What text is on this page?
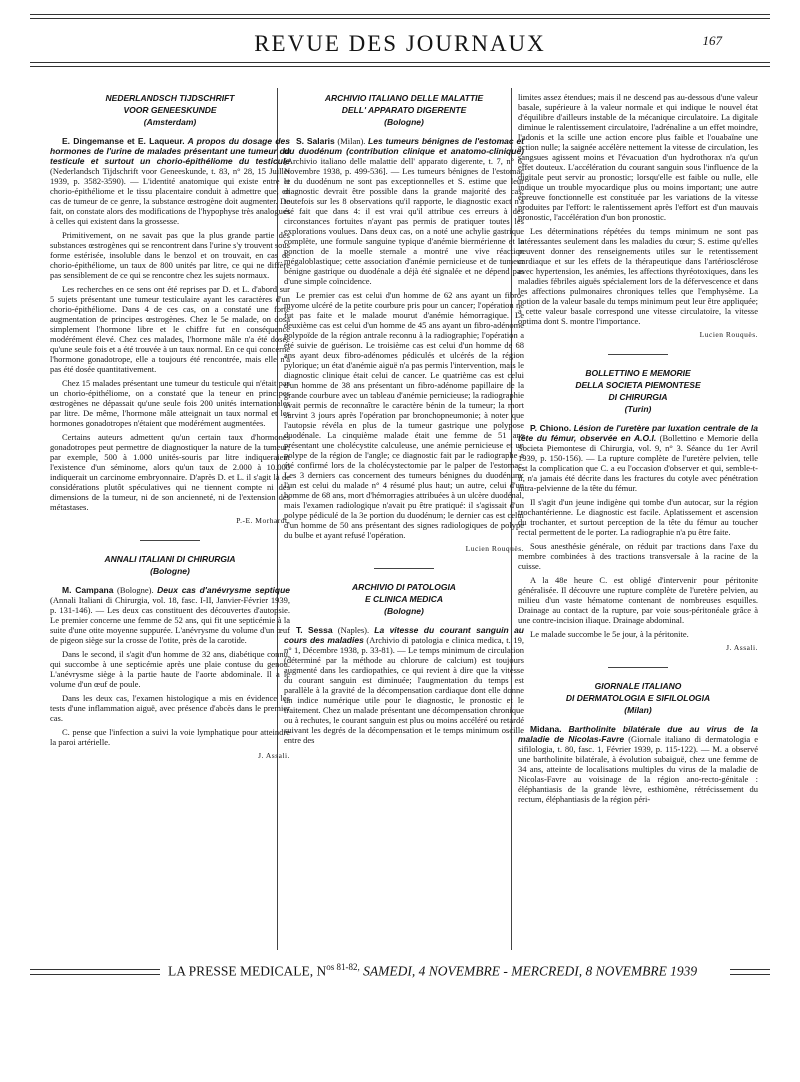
REVUE DES JOURNAUX	167
NEDERLANDSCH TIJDSCHRIFT
VOOR GENEESKUNDE
(Amsterdam)

E. Dingemanse et E. Laqueur. A propos du dosage des hormones de l'urine de malades présentant une tumeur du testicule et surtout un chorio-épithéliome du testicule (Nederlandsch Tijdschrift voor Geneeskunde, t. 83, n° 28, 15 Juillet 1939, p. 3582-3590). — L'identité anatomique qui existe entre le chorio-épithéliome et le tissu placentaire conduit à admettre que, en cas de tumeur de ce genre, la substance œstrogène doit augmenter. De fait, on constate alors des modifications de l'hypophyse très analogues à celles qui existent dans la grossesse.

Primitivement, on ne savait pas que la plus grande partie des substances œstrogènes qui se rencontrent dans l'urine s'y trouvent sous forme estérisée, insoluble dans le benzol et on trouvait, en cas de chorio-épithéliome, un taux de 800 unités par litre, ce qui ne diffère pas sensiblement de ce qui se rencontre chez les sujets normaux.

Les recherches en ce sens ont été reprises par D. et L. d'abord sur 5 sujets présentant une tumeur testiculaire ayant les caractères d'un chorio-épithéliome. Dans 4 de ces cas, on a constaté une forte augmentation de principes œstrogènes. Chez le 5e malade, on dosa simplement l'hormone libre et le chiffre fut en conséquence modérément élevé. Chez ces malades, l'hormone mâle n'a été dosée qu'une seule fois et a été trouvée à un taux normal. En ce qui concerne l'hormone gonadotrope, elle a toujours été rencontrée, mais elle n'a pas été dosée quantitativement.

Chez 15 malades présentant une tumeur du testicule qui n'était pas un chorio-épithéliome, on a constaté que la teneur en principes œstrogènes ne dépassait qu'une seule fois 200 unités internationales par litre. De même, l'hormone mâle atteignait un taux normal et les hormones gonadotropes n'étaient que modérément augmentées.

Certains auteurs admettent qu'un certain taux d'hormones gonadotropes peut permettre de diagnostiquer la nature de la tumeur; par exemple, 500 à 1.000 unités-souris par litre indiqueraient l'existence d'un séminome, alors qu'un taux de 2.000 à 10.000 indiquerait un carcinome embryonnaire. D'après D. et L. il s'agit là de considérations plutôt spéculatives qui ne tiennent compte ni des dimensions de la tumeur, ni de son ancienneté, ni de l'extension des métastases.

P.-E. Morhardt.
ANNALI ITALIANI DI CHIRURGIA
(Bologne)

M. Campana (Bologne). Deux cas d'anévrysme septique (Annali Italiani di Chirurgia, vol. 18, fasc. I-II, Janvier-Février 1939, p. 131-146). — Les deux cas constituent des découvertes d'autopsie. Le premier concerne une femme de 52 ans, qui fit une septicémie à la suite d'une otite moyenne suppurée. L'anévrysme du volume d'un œuf de pigeon siège sur la crosse de l'otite, près de la carotide.

Dans le second, il s'agit d'un homme de 32 ans, diabétique connu, qui succombe à une septicémie après une plaie contuse du genou. L'anévrysme siège à la partie haute de l'aorte abdominale. Il a le volume d'un œuf de poule.

Dans les deux cas, l'examen histologique a mis en évidence les tests d'une inflammation aiguë, avec présence d'abcès dans le premier cas.

C. pense que l'infection a suivi la voie lymphatique pour atteindre la paroi artérielle.

J. Assali.
ARCHIVIO ITALIANO DELLE MALATTIE
DELL' APPARATO DIGERENTE
(Bologne)

S. Salaris (Milan). Les tumeurs bénignes de l'estomac et du duodénum (contribution clinique et anatomo-clinique) [Archivio italiano delle malattie dell' apparato digerente, t. 7, n° 6, Novembre 1938, p. 499-536]. — Les tumeurs bénignes de l'estomac et du duodénum ne sont pas exceptionnelles et S. estime que leur diagnostic devrait être possible dans la grande majorité des cas; toutefois sur les 8 observations qu'il rapporte, le diagnostic exact n'a été fait que dans 4: il est vrai qu'il attribue ces erreurs à des circonstances fortuites n'ayant pas permis de pratiquer toutes les explorations voulues. Dans deux cas, on a noté une achylie gastrique complète, une formule sanguine typique d'anémie biermérienne et la ponction de la moelle sternale a montré une vive réaction mégaloblastique; cette association d'anémie pernicieuse et de tumeur bénigne gastrique ou duodénale a déjà été signalée et ne dépend pas d'une simple coïncidence.

Le premier cas est celui d'un homme de 62 ans ayant un fibro-myome ulcéré de la petite courbure pris pour un cancer; l'opération ne fut pas faite et le malade mourut d'anémie hémorragique. Le deuxième cas est celui d'un homme de 45 ans ayant un fibro-adénome polypoïde de la région antrale reconnu à la radiographie; l'opération a été suivie de guérison. Le troisième cas est celui d'un homme de 68 ans ayant deux fibro-adénomes pédiculés et ulcérés de la région pylorique; un état d'anémie aiguë n'a pas permis l'intervention, mais le diagnostic clinique était celui de cancer. Le quatrième cas est celui d'un homme de 38 ans présentant un fibro-adénome papillaire de la grande courbure avec un tableau d'anémie pernicieuse; la radiographie avait permis de reconnaître le caractère bénin de la tumeur; la mort survint 3 jours après l'opération par bronchopneumonie; à noter que l'autopsie révéla en plus de la tumeur gastrique une polypose duodénale. La cinquième malade était une femme de 51 ans présentant une cholécystite calculeuse, une anémie pernicieuse et un polype de la région de l'angle; ce diagnostic fait par le radiographe a été confirmé lors de la cholécystectomie par le palper de l'estomac. Les 3 derniers cas concernent des tumeurs bénignes du duodénum: l'un est celui du malade n° 4 résumé plus haut; un autre, celui d'un homme de 68 ans, mort d'hémorragies attribuées à un ulcère duodénal, mais l'examen radiologique n'avait pu être pratiqué: il s'agissait d'un polype pédiculé de la 3e portion du duodénum; le dernier cas est celui d'un homme de 50 ans présentant des signes radiologiques de polype du bulbe et ayant refusé l'opération.

Lucien Rouquès.
ARCHIVIO DI PATOLOGIA
E CLINICA MEDICA
(Bologne)

T. Sessa (Naples). La vitesse du courant sanguin au cours des maladies (Archivio di patologia e clinica medica, t. 19, n° 1, Décembre 1938, p. 33-81). — Le temps minimum de circulation (déterminé par la méthode au chlorure de calcium) est toujours augmenté dans les cardiopathies, ce qui revient à dire que la vitesse du courant sanguin est diminuée; l'augmentation du temps est parallèle à la gravité de la décompensation cardiaque dont elle donne un indice numérique utile pour le diagnostic, le pronostic et le traitement. Chez un malade présentant une décompensation chronique ou à rechutes, le courant sanguin est plus ou moins accéléré ou retardé suivant les degrés de la décompensation et le temps minimum oscille entre des

limites assez étendues; mais il ne descend pas au-dessous d'une valeur basale, supérieure à la valeur normale et qui indique le nouvel état d'équilibre d'ailleurs instable de la mécanique circulatoire. La digitale diminue le ralentissement circulatoire, l'adrénaline a un effet moindre, l'adonis et la scille une action encore plus faible et l'ouabaïne une action nulle; la saignée accélère nettement la vitesse de circulation, les sangsues agissent moins et l'évacuation d'un hydrothorax n'a qu'un effet douteux. L'accélération du courant sanguin sous l'influence de la digitale peut servir au pronostic; lorsqu'elle est faible ou nulle, elle indique un trouble myocardique plus ou moins important; une autre épreuve fonctionnelle est constituée par les variations de la vitesse produites par l'effort: le ralentissement après l'effort est d'un mauvais pronostic, l'accélération d'un bon pronostic.

Les déterminations répétées du temps minimum ne sont pas intéressantes seulement dans les maladies du cœur; S. estime qu'elles peuvent donner des renseignements utiles sur le retentissement cardiaque et sur les effets de la thérapeutique dans l'artériosclérose avec hypertension, les anémies, les affections thyréotoxiques, dans les maladies fébriles aiguës spécialement lors de la défervescence et dans les affections pulmonaires chroniques telles que l'emphysème. La notion de la valeur basale du temps minimum peut leur être appliquée; à cette valeur basale correspond une vitesse circulatoire, la vitesse optima dont S. montre l'importance.

Lucien Rouquès.
BOLLETTINO E MEMORIE
DELLA SOCIETA PIEMONTESE
DI CHIRURGIA
(Turin)

P. Chiono. Lésion de l'uretère par luxation centrale de la tête du fémur, observée en A.O.I. (Bollettino e Memorie della Societa Piemontese di Chirurgia, vol. 9, n° 3. Séance du 1er Avril 1939, p. 150-156). — La rupture complète de l'uretère pelvien, telle est la complication que C. a eu l'occasion d'observer et qui, semble-t-il, n'a jamais été décrite dans les fractures du cotyle avec pénétration intra-pelvienne de la tête du fémur.

Il s'agit d'un jeune indigène qui tombe d'un autocar, sur la région trochantérienne. Le diagnostic est facile. Aplatissement et ascension du trochanter, et surtout perception de la tête du fémur au toucher rectal permettent de le porter. La radiographie n'a pu être faite.

Sous anesthésie générale, on réduit par tractions dans l'axe du membre combinées à des tractions transversale à la racine de la cuisse.

A la 48e heure C. est obligé d'intervenir pour péritonite généralisée. Il découvre une rupture complète de l'uretère pelvien, au milieu d'un vaste hématome contenant de nombreuses esquilles. Drainage au contact de la rupture, par voie sous-péritonéale grâce à une contre-incision iliaque. Drainage abdominal.

Le malade succombe le 5e jour, à la péritonite.

J. Assali.
GIORNALE ITALIANO
DI DERMATOLOGIA E SIFILOLOGIA
(Milan)

Midana. Bartholinite bilatérale due au virus de la maladie de Nicolas-Favre (Giornale italiano di dermatologia e sifilologia, t. 80, fasc. 1, Février 1939, p. 115-122). — M. a observé une bartholinite bilatérale, à évolution subaiguë, chez une femme de 34 ans, atteinte de localisations multiples du virus de la maladie de Nicolas-Favre au voisinage de la région ano-recto-génitale : éléphantiasis de la grande lèvre, esthiomène, rétrécissement du rectum, éléphantiasis de la région péri-

LA PRESSE MEDICALE, $N^{os 81-82,}$ SAMEDI, 4 NOVEMBRE - MERCREDI, 8 NOVEMBRE 1939
